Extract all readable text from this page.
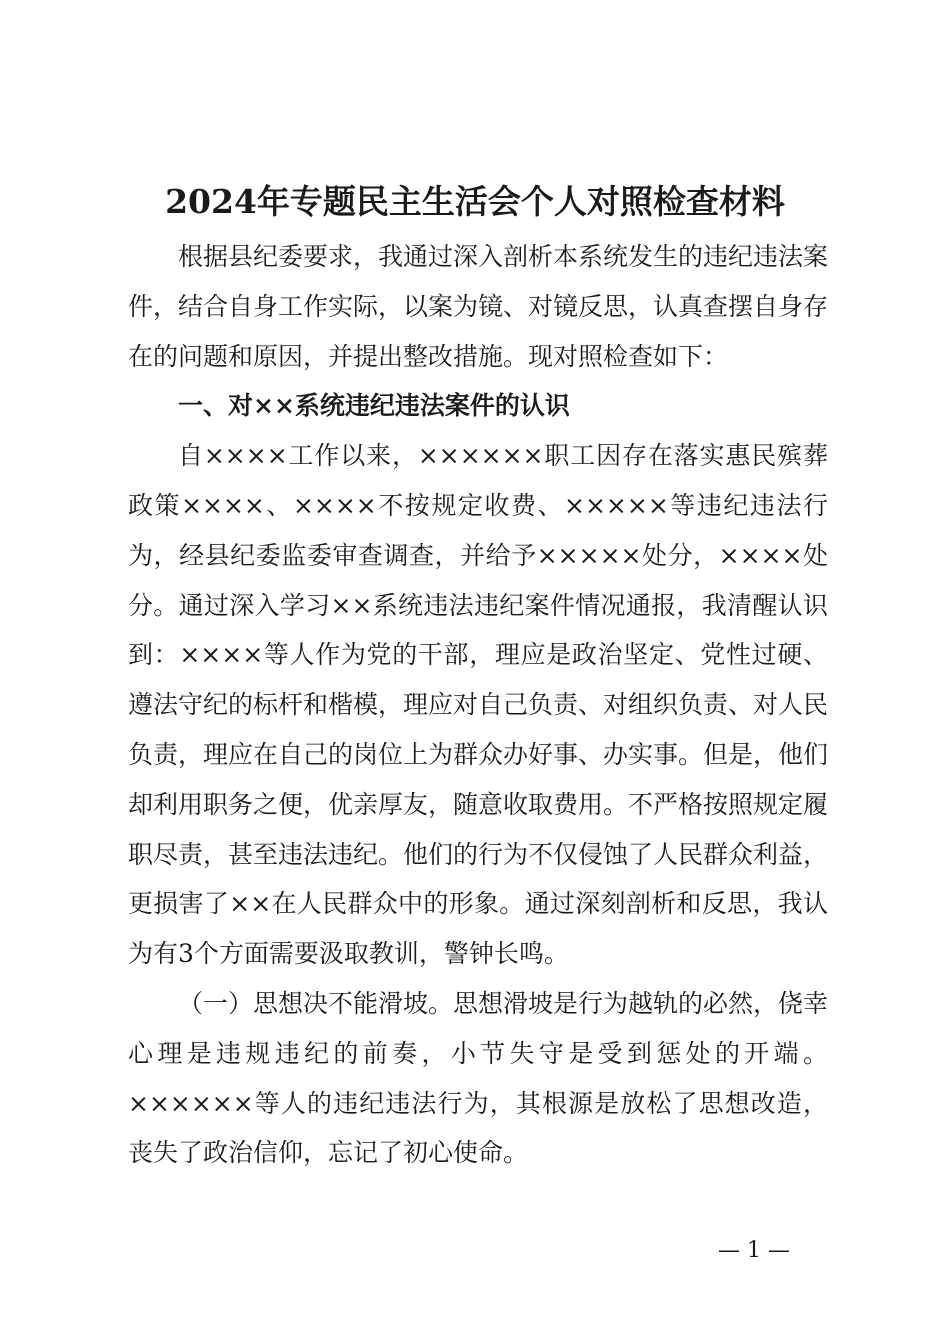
2024年专题民主生活会个人对照检查材料

根据县纪委要求，我通过深入剖析本系统发生的违纪违法案件，结合自身工作实际，以案为镜、对镜反思，认真查摆自身存在的问题和原因，并提出整改措施。现对照检查如下：

一、对××系统违纪违法案件的认识

自××××工作以来，××××××职工因存在落实惠民殡葬政策××××、××××不按规定收费、×××××等违纪违法行为，经县纪委监委审查调查，并给予×××××处分，××××处分。通过深入学习××系统违法违纪案件情况通报，我清醒认识到：××××等人作为党的干部，理应是政治坚定、党性过硬、遵法守纪的标杆和楷模，理应对自己负责、对组织负责、对人民负责，理应在自己的岗位上为群众办好事、办实事。但是，他们却利用职务之便，优亲厚友，随意收取费用。不严格按照规定履职尽责，甚至违法违纪。他们的行为不仅侵蚀了人民群众利益，更损害了××在人民群众中的形象。通过深刻剖析和反思，我认为有3个方面需要汲取教训，警钟长鸣。

（一）思想决不能滑坡。思想滑坡是行为越轨的必然，侥幸心理是违规违纪的前奏，小节失守是受到惩处的开端。××××××等人的违纪违法行为，其根源是放松了思想改造，丧失了政治信仰，忘记了初心使命。

— 1 —
